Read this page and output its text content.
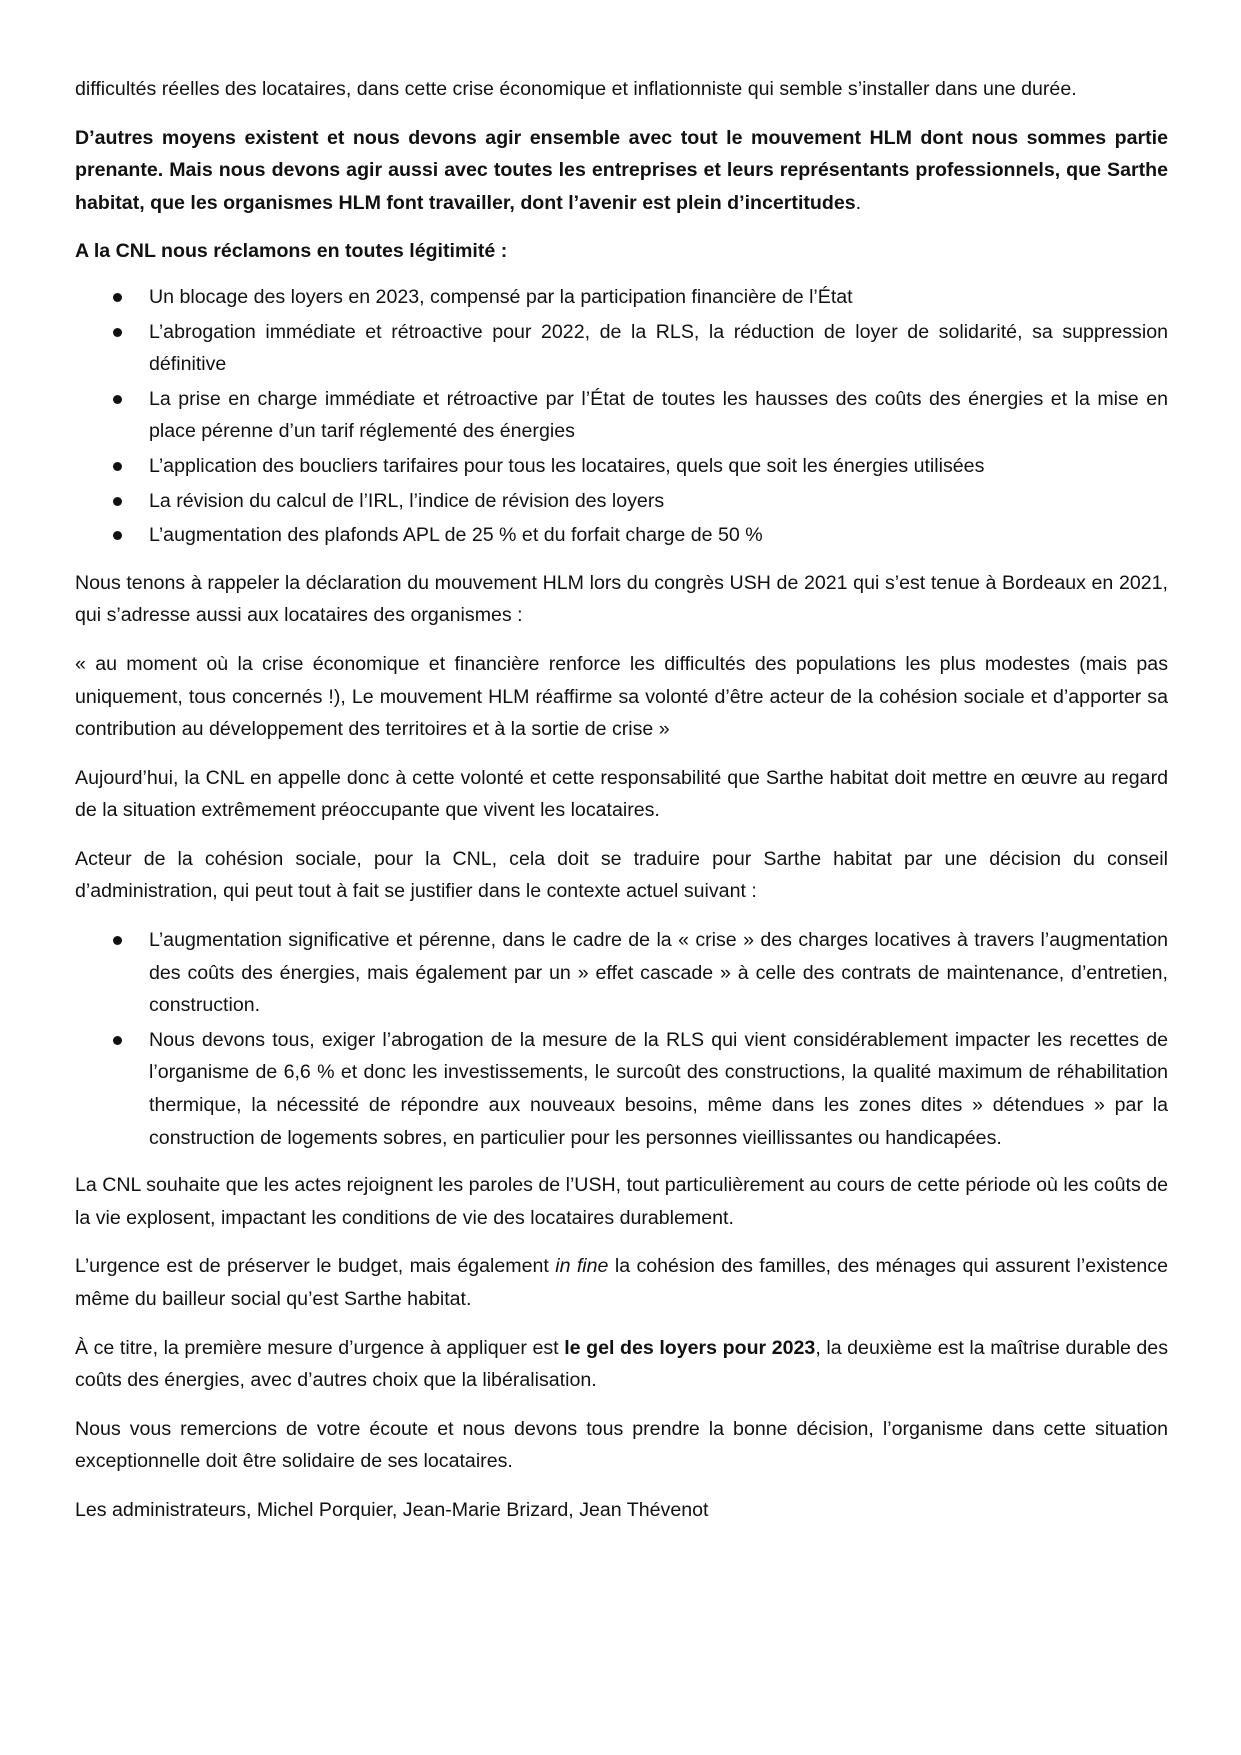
difficultés réelles des locataires, dans cette crise économique et inflationniste qui semble s’installer dans une durée.

D’autres moyens existent et nous devons agir ensemble avec tout le mouvement HLM dont nous sommes partie prenante. Mais nous devons agir aussi avec toutes les entreprises et leurs représentants professionnels, que Sarthe habitat, que les organismes HLM font travailler, dont l’avenir est plein d’incertitudes.

A la CNL nous réclamons en toutes légitimité :

Un blocage des loyers en 2023, compensé par la participation financière de l’État
L’abrogation immédiate et rétroactive pour 2022, de la RLS, la réduction de loyer de solidarité, sa suppression définitive
La prise en charge immédiate et rétroactive par l’État de toutes les hausses des coûts des énergies et la mise en place pérenne d’un tarif réglementé des énergies
L’application des boucliers tarifaires pour tous les locataires, quels que soit les énergies utilisées
La révision du calcul de l’IRL, l’indice de révision des loyers
L’augmentation des plafonds APL de 25 % et du forfait charge de 50 %

Nous tenons à rappeler la déclaration du mouvement HLM lors du congrès USH de 2021 qui s’est tenue à Bordeaux en 2021, qui s’adresse aussi aux locataires des organismes :

« au moment où la crise économique et financière renforce les difficultés des populations les plus modestes (mais pas uniquement, tous concernés !), Le mouvement HLM réaffirme sa volonté d’être acteur de la cohésion sociale et d’apporter sa contribution au développement des territoires et à la sortie de crise »

Aujourd’hui, la CNL en appelle donc à cette volonté et cette responsabilité que Sarthe habitat doit mettre en œuvre au regard de la situation extrêmement préoccupante que vivent les locataires.

Acteur de la cohésion sociale, pour la CNL, cela doit se traduire pour Sarthe habitat par une décision du conseil d’administration, qui peut tout à fait se justifier dans le contexte actuel suivant :

L’augmentation significative et pérenne, dans le cadre de la « crise » des charges locatives à travers l’augmentation des coûts des énergies, mais également par un » effet cascade » à celle des contrats de maintenance, d’entretien, construction.
Nous devons tous, exiger l’abrogation de la mesure de la RLS qui vient considérablement impacter les recettes de l’organisme de 6,6 % et donc les investissements, le surcoût des constructions, la qualité maximum de réhabilitation thermique, la nécessité de répondre aux nouveaux besoins, même dans les zones dites » détendues » par la construction de logements sobres, en particulier pour les personnes vieillissantes ou handicapées.

La CNL souhaite que les actes rejoignent les paroles de l’USH, tout particulièrement au cours de cette période où les coûts de la vie explosent, impactant les conditions de vie des locataires durablement.

L’urgence est de préserver le budget, mais également in fine la cohésion des familles, des ménages qui assurent l’existence même du bailleur social qu’est Sarthe habitat.

À ce titre, la première mesure d’urgence à appliquer est le gel des loyers pour 2023, la deuxième est la maîtrise durable des coûts des énergies, avec d’autres choix que la libéralisation.

Nous vous remercions de votre écoute et nous devons tous prendre la bonne décision, l’organisme dans cette situation exceptionnelle doit être solidaire de ses locataires.

Les administrateurs, Michel Porquier, Jean-Marie Brizard, Jean Thévenot
